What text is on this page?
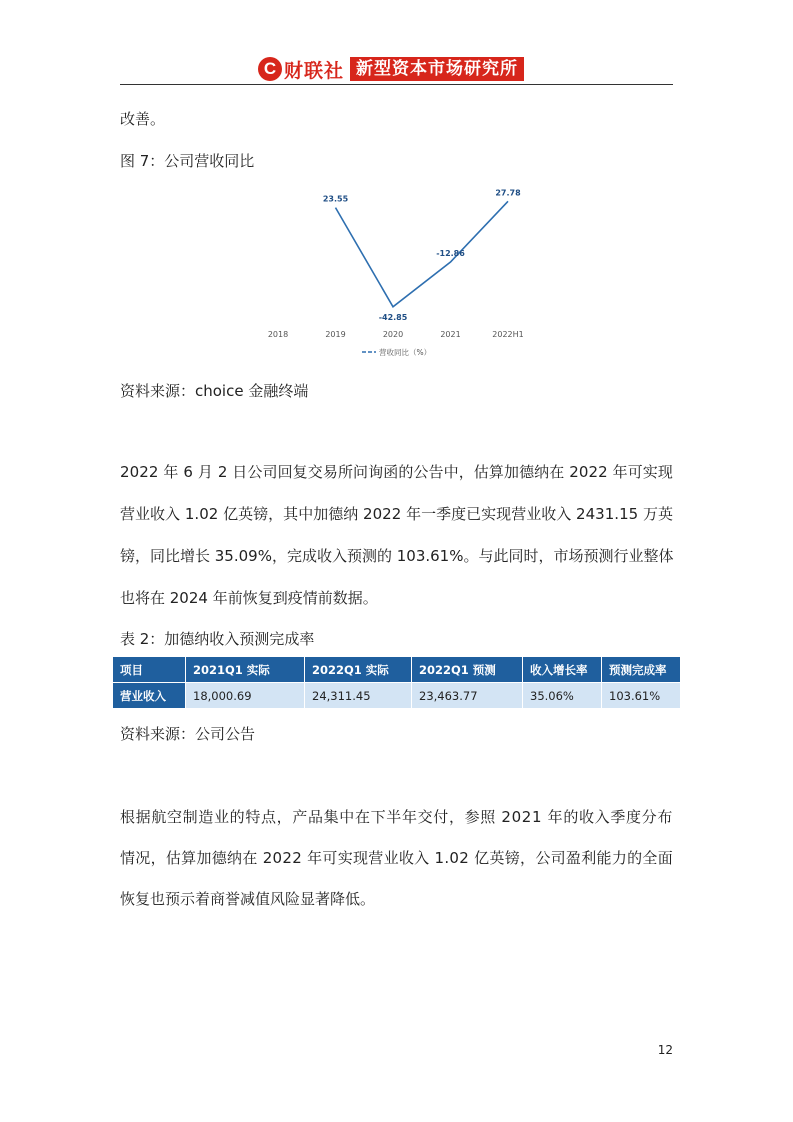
C 财联社 新型资本市场研究所
改善。
图 7：公司营收同比
23.55
-42.85
-12.86
27.78
2018	2019	2020	2021	2022H1
营收同比（%）
资料来源：choice 金融终端
2022 年 6 月 2 日公司回复交易所问询函的公告中，估算加德纳在 2022 年可实现
营业收入 1.02 亿英镑，其中加德纳 2022 年一季度已实现营业收入 2431.15 万英
镑，同比增长 35.09%，完成收入预测的 103.61%。与此同时，市场预测行业整体
也将在 2024 年前恢复到疫情前数据。
表 2：加德纳收入预测完成率
项目	2021Q1 实际	2022Q1 实际	2022Q1 预测	收入增长率	预测完成率
营业收入	18,000.69	24,311.45	23,463.77	35.06%	103.61%
资料来源：公司公告
根据航空制造业的特点，产品集中在下半年交付，参照 2021 年的收入季度分布
情况，估算加德纳在 2022 年可实现营业收入 1.02 亿英镑，公司盈利能力的全面
恢复也预示着商誉减值风险显著降低。
12
